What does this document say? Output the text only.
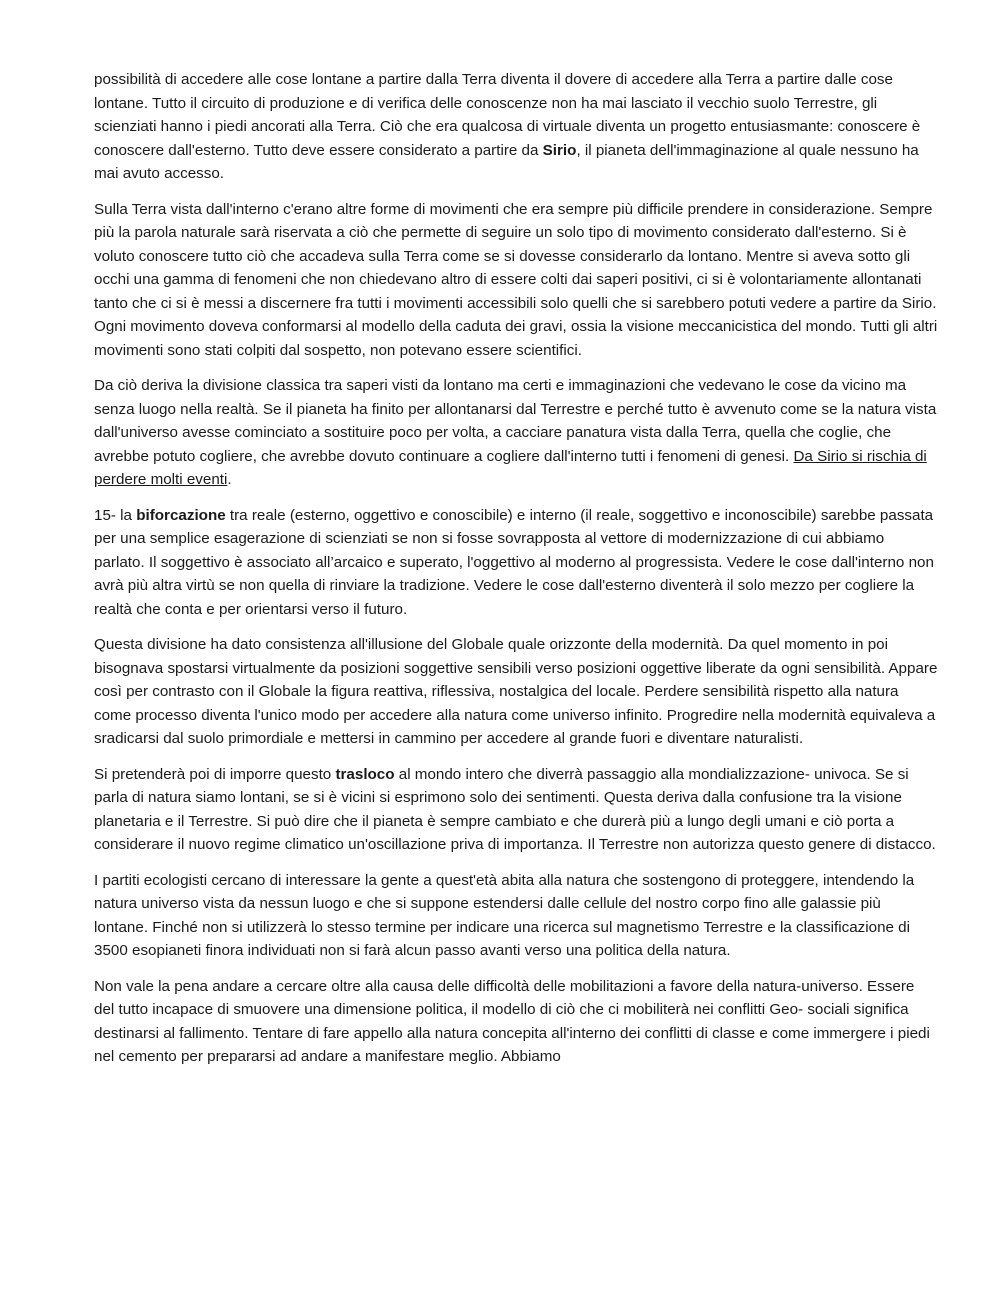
possibilità di accedere alle cose lontane a partire dalla Terra diventa il dovere di accedere alla Terra a partire dalle cose lontane. Tutto il circuito di produzione e di verifica delle conoscenze non ha mai lasciato il vecchio suolo Terrestre, gli scienziati hanno i piedi ancorati alla Terra. Ciò che era qualcosa di virtuale diventa un progetto entusiasmante: conoscere è conoscere dall'esterno. Tutto deve essere considerato a partire da Sirio, il pianeta dell'immaginazione al quale nessuno ha mai avuto accesso.

Sulla Terra vista dall'interno c'erano altre forme di movimenti che era sempre più difficile prendere in considerazione. Sempre più la parola naturale sarà riservata a ciò che permette di seguire un solo tipo di movimento considerato dall'esterno. Si è voluto conoscere tutto ciò che accadeva sulla Terra come se si dovesse considerarlo da lontano. Mentre si aveva sotto gli occhi una gamma di fenomeni che non chiedevano altro di essere colti dai saperi positivi, ci si è volontariamente allontanati tanto che ci si è messi a discernere fra tutti i movimenti accessibili solo quelli che si sarebbero potuti vedere a partire da Sirio. Ogni movimento doveva conformarsi al modello della caduta dei gravi, ossia la visione meccanicistica del mondo. Tutti gli altri movimenti sono stati colpiti dal sospetto, non potevano essere scientifici.

Da ciò deriva la divisione classica tra saperi visti da lontano ma certi e immaginazioni che vedevano le cose da vicino ma senza luogo nella realtà. Se il pianeta ha finito per allontanarsi dal Terrestre e perché tutto è avvenuto come se la natura vista dall'universo avesse cominciato a sostituire poco per volta, a cacciare panatura vista dalla Terra, quella che coglie, che avrebbe potuto cogliere, che avrebbe dovuto continuare a cogliere dall'interno tutti i fenomeni di genesi. Da Sirio si rischia di perdere molti eventi.

15- la biforcazione tra reale (esterno, oggettivo e conoscibile) e interno (il reale, soggettivo e inconoscibile) sarebbe passata per una semplice esagerazione di scienziati se non si fosse sovrapposta al vettore di modernizzazione di cui abbiamo parlato. Il soggettivo è associato all’arcaico e superato, l'oggettivo al moderno al progressista. Vedere le cose dall'interno non avrà più altra virtù se non quella di rinviare la tradizione. Vedere le cose dall'esterno diventerà il solo mezzo per cogliere la realtà che conta e per orientarsi verso il futuro.

Questa divisione ha dato consistenza all'illusione del Globale quale orizzonte della modernità. Da quel momento in poi bisognava spostarsi virtualmente da posizioni soggettive sensibili verso posizioni oggettive liberate da ogni sensibilità. Appare così per contrasto con il Globale la figura reattiva, riflessiva, nostalgica del locale. Perdere sensibilità rispetto alla natura come processo diventa l'unico modo per accedere alla natura come universo infinito. Progredire nella modernità equivaleva a sradicarsi dal suolo primordiale e mettersi in cammino per accedere al grande fuori e diventare naturalisti.

Si pretenderà poi di imporre questo trasloco al mondo intero che diverrà passaggio alla mondializzazione- univoca. Se si parla di natura siamo lontani, se si è vicini si esprimono solo dei sentimenti. Questa deriva dalla confusione tra la visione planetaria e il Terrestre. Si può dire che il pianeta è sempre cambiato e che durerà più a lungo degli umani e ciò porta a considerare il nuovo regime climatico un'oscillazione priva di importanza. Il Terrestre non autorizza questo genere di distacco.

I partiti ecologisti cercano di interessare la gente a quest'età abita alla natura che sostengono di proteggere, intendendo la natura universo vista da nessun luogo e che si suppone estendersi dalle cellule del nostro corpo fino alle galassie più lontane. Finché non si utilizzerà lo stesso termine per indicare una ricerca sul magnetismo Terrestre e la classificazione di 3500 esopianeti finora individuati non si farà alcun passo avanti verso una politica della natura.

Non vale la pena andare a cercare oltre alla causa delle difficoltà delle mobilitazioni a favore della natura-universo. Essere del tutto incapace di smuovere una dimensione politica, il modello di ciò che ci mobiliterà nei conflitti Geo- sociali significa destinarsi al fallimento. Tentare di fare appello alla natura concepita all'interno dei conflitti di classe e come immergere i piedi nel cemento per prepararsi ad andare a manifestare meglio. Abbiamo
